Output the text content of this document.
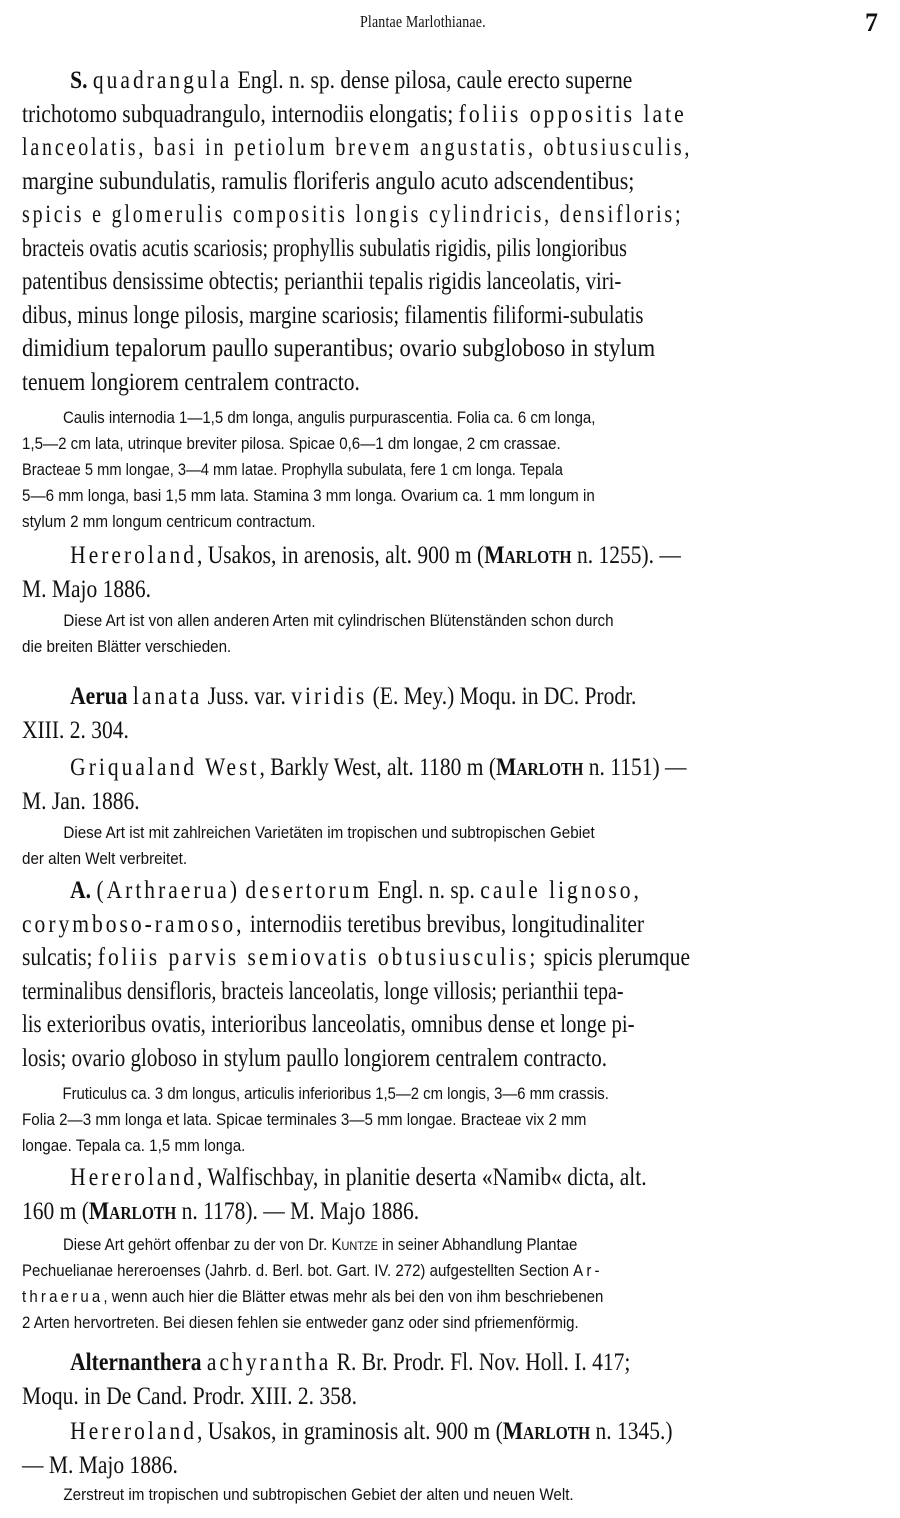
Plantae Marlothianae.	7
S. quadrangula Engl. n. sp. dense pilosa, caule erecto superne
trichotomo subquadrangulo, internodiis elongatis; foliis oppositis late
lanceolatis, basi in petiolum brevem angustatis, obtusiusculis,
margine subundulatis, ramulis floriferis angulo acuto adscendentibus;
spicis e glomerulis compositis longis cylindricis, densifloris;
bracteis ovatis acutis scariosis; prophyllis subulatis rigidis, pilis longioribus
patentibus densissime obtectis; perianthii tepalis rigidis lanceolatis, viri-
dibus, minus longe pilosis, margine scariosis; filamentis filiformi-subulatis
dimidium tepalorum paullo superantibus; ovario subgloboso in stylum
tenuem longiorem centralem contracto.
Caulis internodia 1—1,5 dm longa, angulis purpurascentia. Folia ca. 6 cm longa,
1,5—2 cm lata, utrinque breviter pilosa. Spicae 0,6—1 dm longae, 2 cm crassae.
Bracteae 5 mm longae, 3—4 mm latae. Prophylla subulata, fere 1 cm longa. Tepala
5—6 mm longa, basi 1,5 mm lata. Stamina 3 mm longa. Ovarium ca. 1 mm longum in
stylum 2 mm longum centricum contractum.
Hereroland, Usakos, in arenosis, alt. 900 m (Marloth n. 1255). —
M. Majo 1886.
Diese Art ist von allen anderen Arten mit cylindrischen Blütenständen schon durch
die breiten Blätter verschieden.
Aerua lanata Juss. var. viridis (E. Mey.) Moqu. in DC. Prodr.
XIII. 2. 304.
Griqualand West, Barkly West, alt. 1180 m (Marloth n. 1151) —
M. Jan. 1886.
Diese Art ist mit zahlreichen Varietäten im tropischen und subtropischen Gebiet
der alten Welt verbreitet.
A. (Arthraerua) desertorum Engl. n. sp. caule lignoso,
corymboso-ramoso, internodiis teretibus brevibus, longitudinaliter
sulcatis; foliis parvis semiovatis obtusiusculis; spicis plerumque
terminalibus densifloris, bracteis lanceolatis, longe villosis; perianthii tepa-
lis exterioribus ovatis, interioribus lanceolatis, omnibus dense et longe pi-
losis; ovario globoso in stylum paullo longiorem centralem contracto.
Fruticulus ca. 3 dm longus, articulis inferioribus 1,5—2 cm longis, 3—6 mm crassis.
Folia 2—3 mm longa et lata. Spicae terminales 3—5 mm longae. Bracteae vix 2 mm
longae. Tepala ca. 1,5 mm longa.
Hereroland, Walfischbay, in planitie deserta «Namib« dicta, alt.
160 m (Marloth n. 1178). — M. Majo 1886.
Diese Art gehört offenbar zu der von Dr. Kuntze in seiner Abhandlung Plantae
Pechuelianae hereroenses (Jahrb. d. Berl. bot. Gart. IV. 272) aufgestellten Section Ar-
thraerua, wenn auch hier die Blätter etwas mehr als bei den von ihm beschriebenen
2 Arten hervortreten. Bei diesen fehlen sie entweder ganz oder sind pfriemenförmig.
Alternanthera achyrantha R. Br. Prodr. Fl. Nov. Holl. I. 417;
Moqu. in De Cand. Prodr. XIII. 2. 358.
Hereroland, Usakos, in graminosis alt. 900 m (Marloth n. 1345.)
— M. Majo 1886.
Zerstreut im tropischen und subtropischen Gebiet der alten und neuen Welt.
